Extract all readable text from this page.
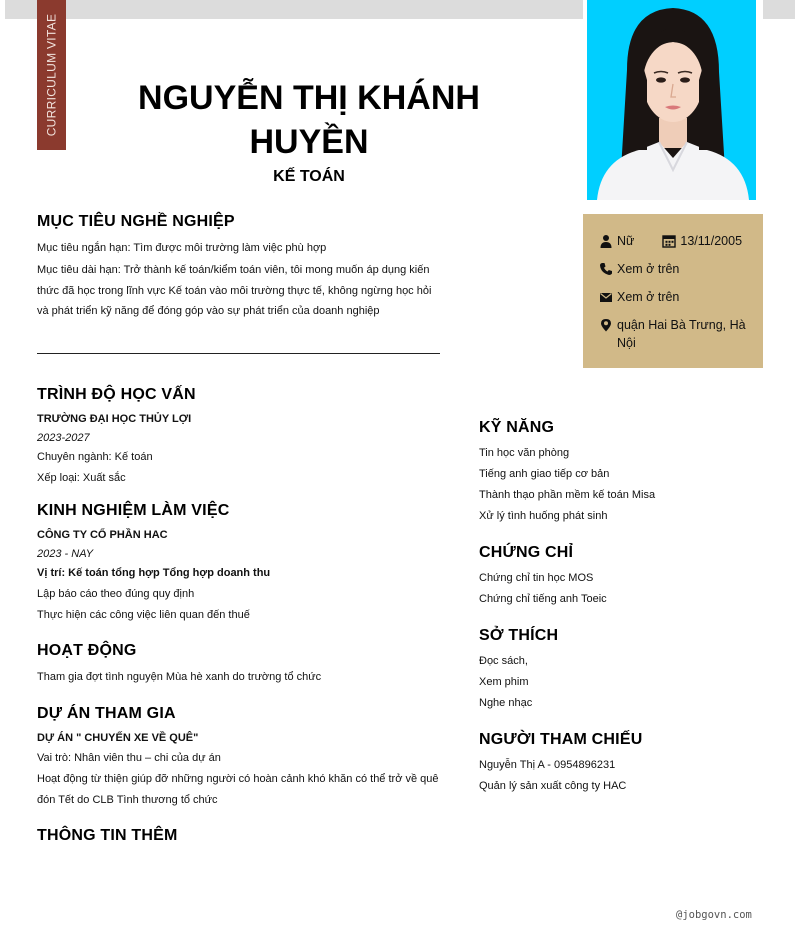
CURRICULUM VITAE	NGUYỄN THỊ KHÁNH HUYỀN
KẾ TOÁN
Nữ	13/11/2005
Xem ở trên
Xem ở trên
quận Hai Bà Trưng, Hà Nội
MỤC TIÊU NGHỀ NGHIỆP
Mục tiêu ngắn hạn: Tìm được môi trường làm việc phù hợp
Mục tiêu dài hạn: Trở thành kế toán/kiểm toán viên, tôi mong muốn áp dụng kiến thức đã học trong lĩnh vực Kế toán vào môi trường thực tế, không ngừng học hỏi và phát triển kỹ năng để đóng góp vào sự phát triển của doanh nghiệp
TRÌNH ĐỘ HỌC VẤN
TRƯỜNG ĐẠI HỌC THỦY LỢI
2023-2027
Chuyên ngành: Kế toán
Xếp loại: Xuất sắc
KINH NGHIỆM LÀM VIỆC
CÔNG TY CỔ PHẦN HAC
2023 - NAY
Vị trí: Kế toán tổng hợp Tổng hợp doanh thu
Lập báo cáo theo đúng quy định
Thực hiện các công việc liên quan đến thuế
HOẠT ĐỘNG
Tham gia đợt tình nguyện Mùa hè xanh do trường tổ chức
DỰ ÁN THAM GIA
DỰ ÁN " CHUYẾN XE VỀ QUÊ"
Vai trò: Nhân viên thu – chi của dự án
Hoạt động từ thiện giúp đỡ những người có hoàn cảnh khó khăn có thể trở về quê đón Tết do CLB Tình thương tổ chức
THÔNG TIN THÊM
KỸ NĂNG
Tin học văn phòng
Tiếng anh giao tiếp cơ bản
Thành thạo phần mềm kế toán Misa
Xử lý tình huống phát sinh
CHỨNG CHỈ
Chứng chỉ tin học MOS
Chứng chỉ tiếng anh Toeic
SỞ THÍCH
Đọc sách,
Xem phim
Nghe nhạc
NGƯỜI THAM CHIẾU
Nguyễn Thị A - 0954896231
Quản lý sản xuất công ty HAC
@jobgovn.com
